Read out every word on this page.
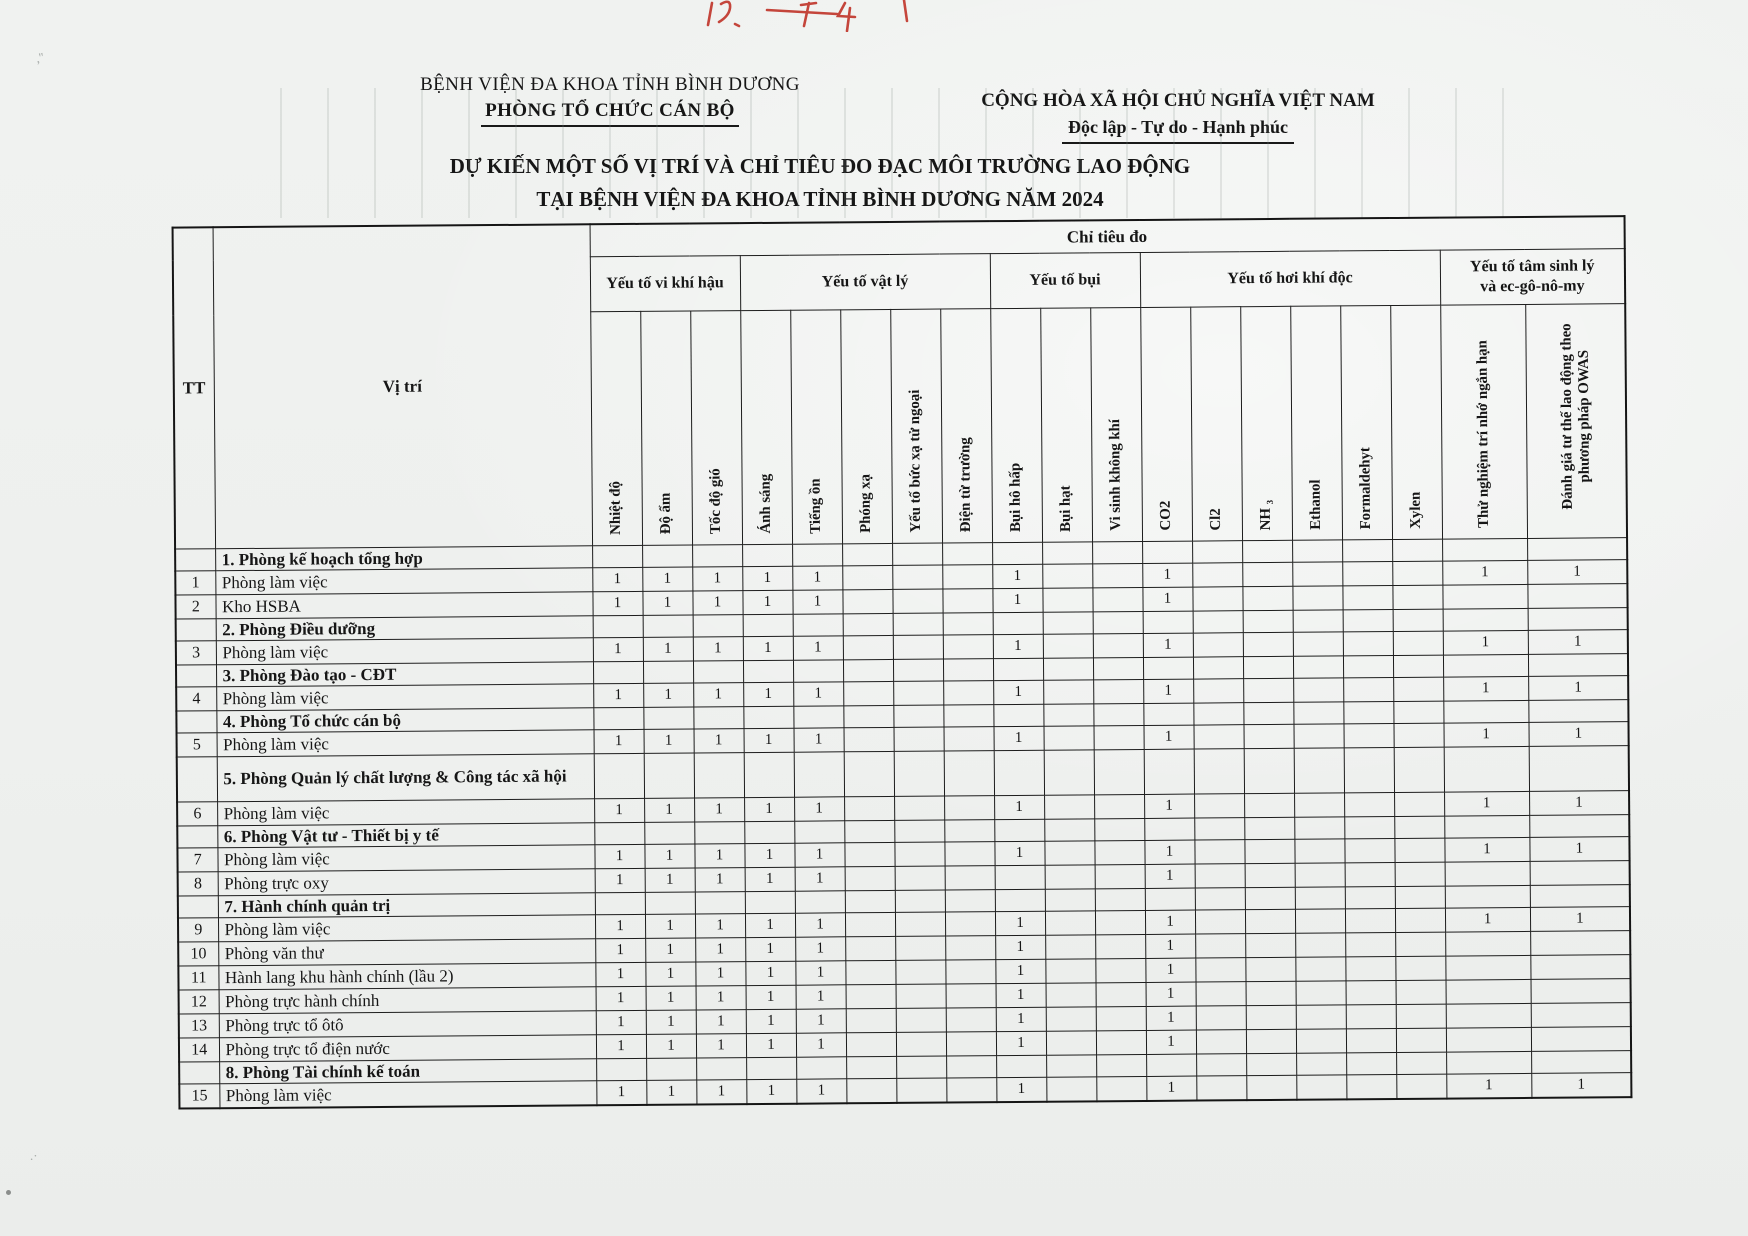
BỆNH VIỆN ĐA KHOA TỈNH BÌNH DƯƠNG
PHÒNG TỔ CHỨC CÁN BỘ	CỘNG HÒA XÃ HỘI CHỦ NGHĨA VIỆT NAM
Độc lập - Tự do - Hạnh phúc
DỰ KIẾN MỘT SỐ VỊ TRÍ VÀ CHỈ TIÊU ĐO ĐẠC MÔI TRƯỜNG LAO ĐỘNG
TẠI BỆNH VIỆN ĐA KHOA TỈNH BÌNH DƯƠNG NĂM 2024
,''
.·
TT	Vị trí	Chỉ tiêu đo																		
		Yếu tố vi khí hậu			Yếu tố vật lý					Yếu tố bụi			Yếu tố hơi khí độc						Yếu tố tâm sinh lý
và ec-gô-nô-my	
		Nhiệt độ	Độ ẩm	Tốc độ gió	Ánh sáng	Tiếng ồn	Phóng xạ	Yếu tố bức xạ tử ngoại	Điện từ trường	Bụi hô hấp	Bụi hạt	Vi sinh không khí	CO2	Cl2	NH ₃	Ethanol	Formaldehyt	Xylen	Thử nghiệm trí nhớ ngắn hạn	Đánh giá tư thế lao động theo phương pháp OWAS
	1. Phòng kế hoạch tổng hợp																			
1	Phòng làm việc	1	1	1	1	1				1			1						1	1
2	Kho HSBA	1	1	1	1	1				1			1							
	2. Phòng Điều dưỡng																			
3	Phòng làm việc	1	1	1	1	1				1			1						1	1
	3. Phòng Đào tạo - CĐT																			
4	Phòng làm việc	1	1	1	1	1				1			1						1	1
	4. Phòng Tổ chức cán bộ																			
5	Phòng làm việc	1	1	1	1	1				1			1						1	1
	5. Phòng Quản lý chất lượng & Công tác xã hội																			
6	Phòng làm việc	1	1	1	1	1				1			1						1	1
	6. Phòng Vật tư - Thiết bị y tế																			
7	Phòng làm việc	1	1	1	1	1				1			1						1	1
8	Phòng trực oxy	1	1	1	1	1							1							
	7. Hành chính quản trị																			
9	Phòng làm việc	1	1	1	1	1				1			1						1	1
10	Phòng văn thư	1	1	1	1	1				1			1							
11	Hành lang khu hành chính (lầu 2)	1	1	1	1	1				1			1							
12	Phòng trực hành chính	1	1	1	1	1				1			1							
13	Phòng trực tổ ôtô	1	1	1	1	1				1			1							
14	Phòng trực tổ điện nước	1	1	1	1	1				1			1							
	8. Phòng Tài chính kế toán																			
15	Phòng làm việc	1	1	1	1	1				1			1						1	1
